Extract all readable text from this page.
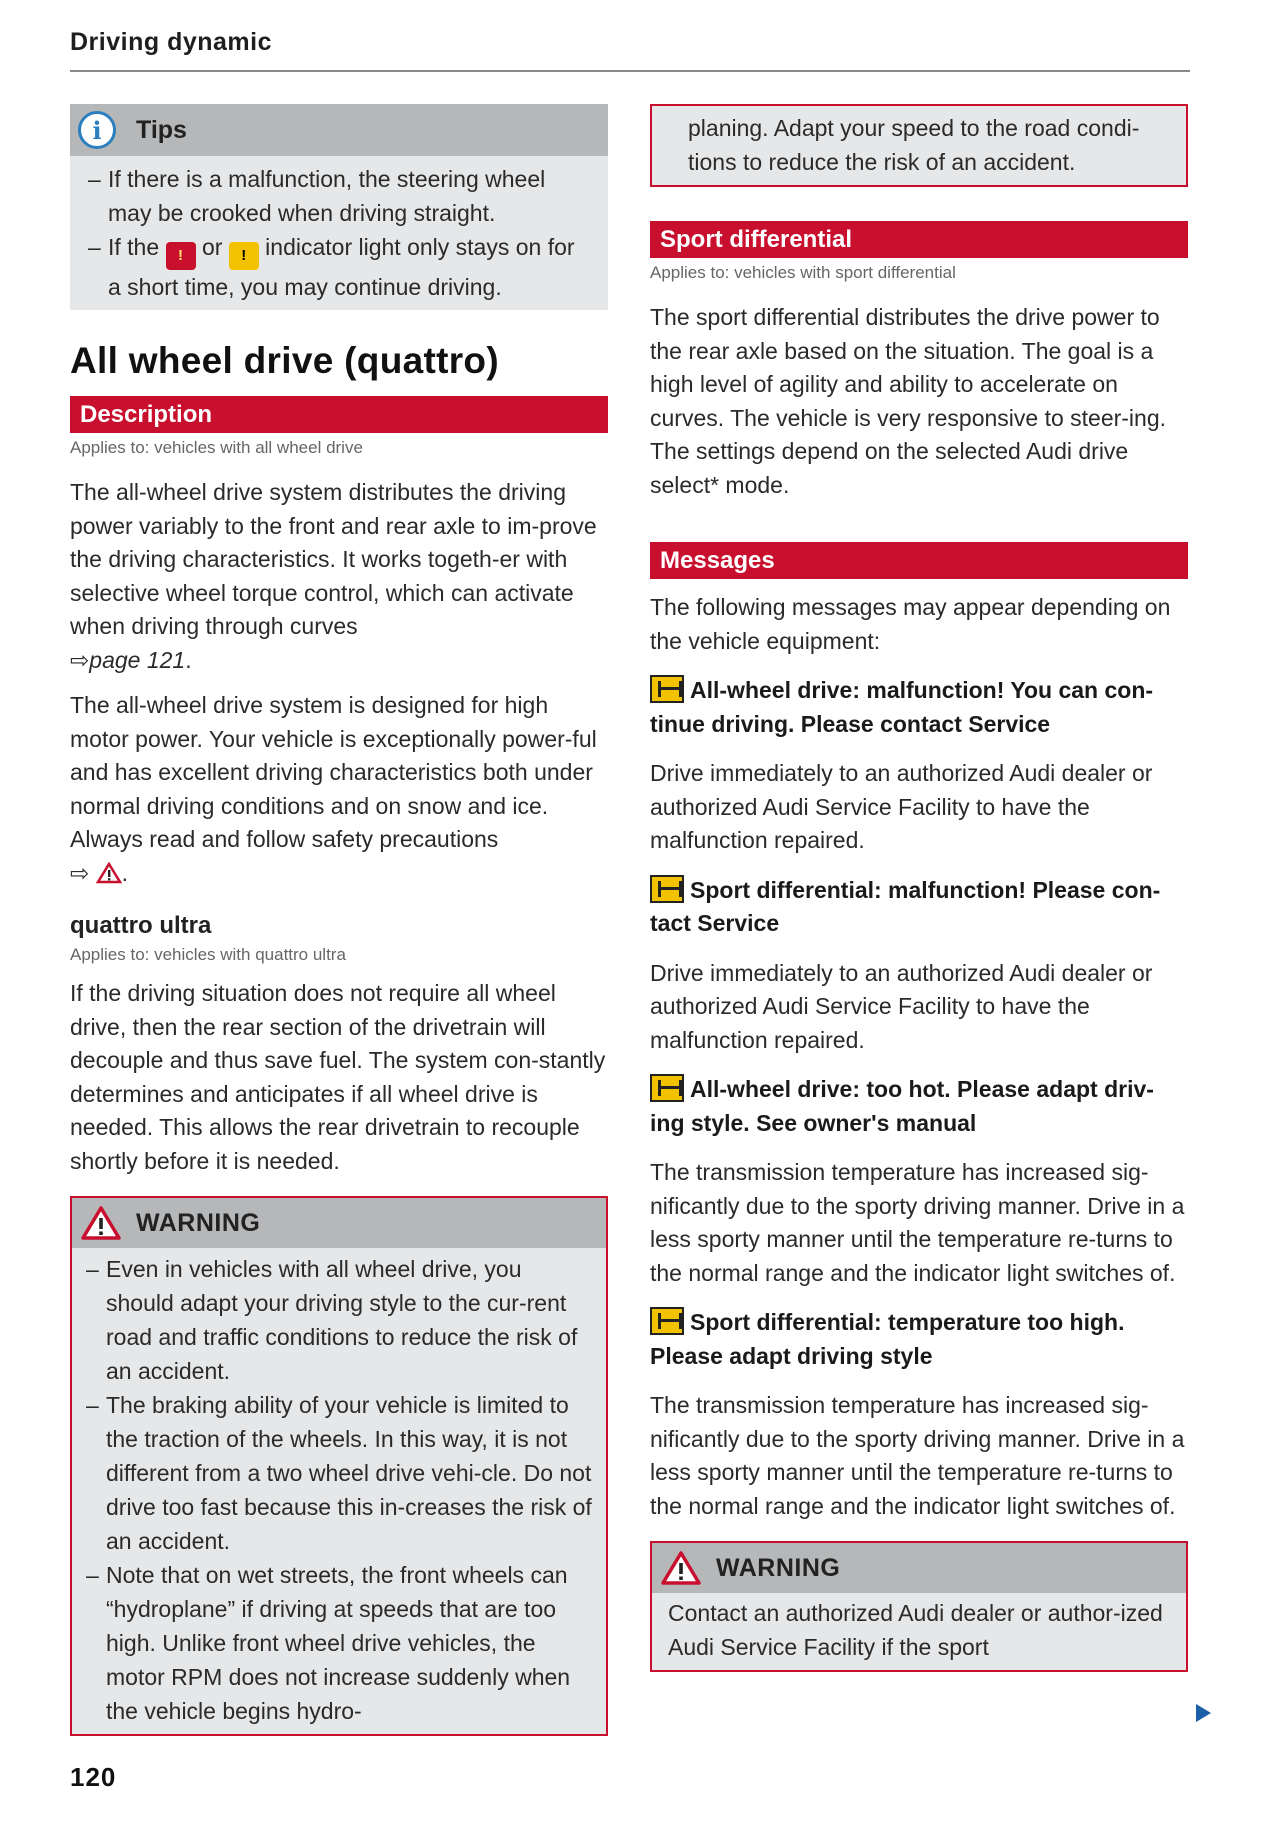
Driving dynamic
i	Tips
– If there is a malfunction, the steering wheel may be crooked when driving straight.
– If the ! or ! indicator light only stays on for a short time, you may continue driving.
All wheel drive (quattro)
Description
Applies to: vehicles with all wheel drive

The all-wheel drive system distributes the driving power variably to the front and rear axle to im-prove the driving characteristics. It works togeth-er with selective wheel torque control, which can activate when driving through curves
⇨page 121.

The all-wheel drive system is designed for high motor power. Your vehicle is exceptionally power-ful and has excellent driving characteristics both under normal driving conditions and on snow and ice. Always read and follow safety precautions
⇨ .

quattro ultra
Applies to: vehicles with quattro ultra

If the driving situation does not require all wheel drive, then the rear section of the drivetrain will decouple and thus save fuel. The system con-stantly determines and anticipates if all wheel drive is needed. This allows the rear drivetrain to recouple shortly before it is needed.

WARNING
– Even in vehicles with all wheel drive, you should adapt your driving style to the cur-rent road and traffic conditions to reduce the risk of an accident.
– The braking ability of your vehicle is limited to the traction of the wheels. In this way, it is not different from a two wheel drive vehi-cle. Do not drive too fast because this in-creases the risk of an accident.
– Note that on wet streets, the front wheels can “hydroplane” if driving at speeds that are too high. Unlike front wheel drive vehicles, the motor RPM does not increase suddenly when the vehicle begins hydro-

planing. Adapt your speed to the road condi-tions to reduce the risk of an accident.

Sport differential
Applies to: vehicles with sport differential

The sport differential distributes the drive power to the rear axle based on the situation. The goal is a high level of agility and ability to accelerate on curves. The vehicle is very responsive to steer-ing. The settings depend on the selected Audi drive select* mode.

Messages

The following messages may appear depending on the vehicle equipment:

All-wheel drive: malfunction! You can con-tinue driving. Please contact Service

Drive immediately to an authorized Audi dealer or authorized Audi Service Facility to have the malfunction repaired.

Sport differential: malfunction! Please con-tact Service

Drive immediately to an authorized Audi dealer or authorized Audi Service Facility to have the malfunction repaired.

All-wheel drive: too hot. Please adapt driv-ing style. See owner's manual

The transmission temperature has increased sig-nificantly due to the sporty driving manner. Drive in a less sporty manner until the temperature re-turns to the normal range and the indicator light switches of.

Sport differential: temperature too high. Please adapt driving style

The transmission temperature has increased sig-nificantly due to the sporty driving manner. Drive in a less sporty manner until the temperature re-turns to the normal range and the indicator light switches of.

WARNING

Contact an authorized Audi dealer or author-ized Audi Service Facility if the sport

120
